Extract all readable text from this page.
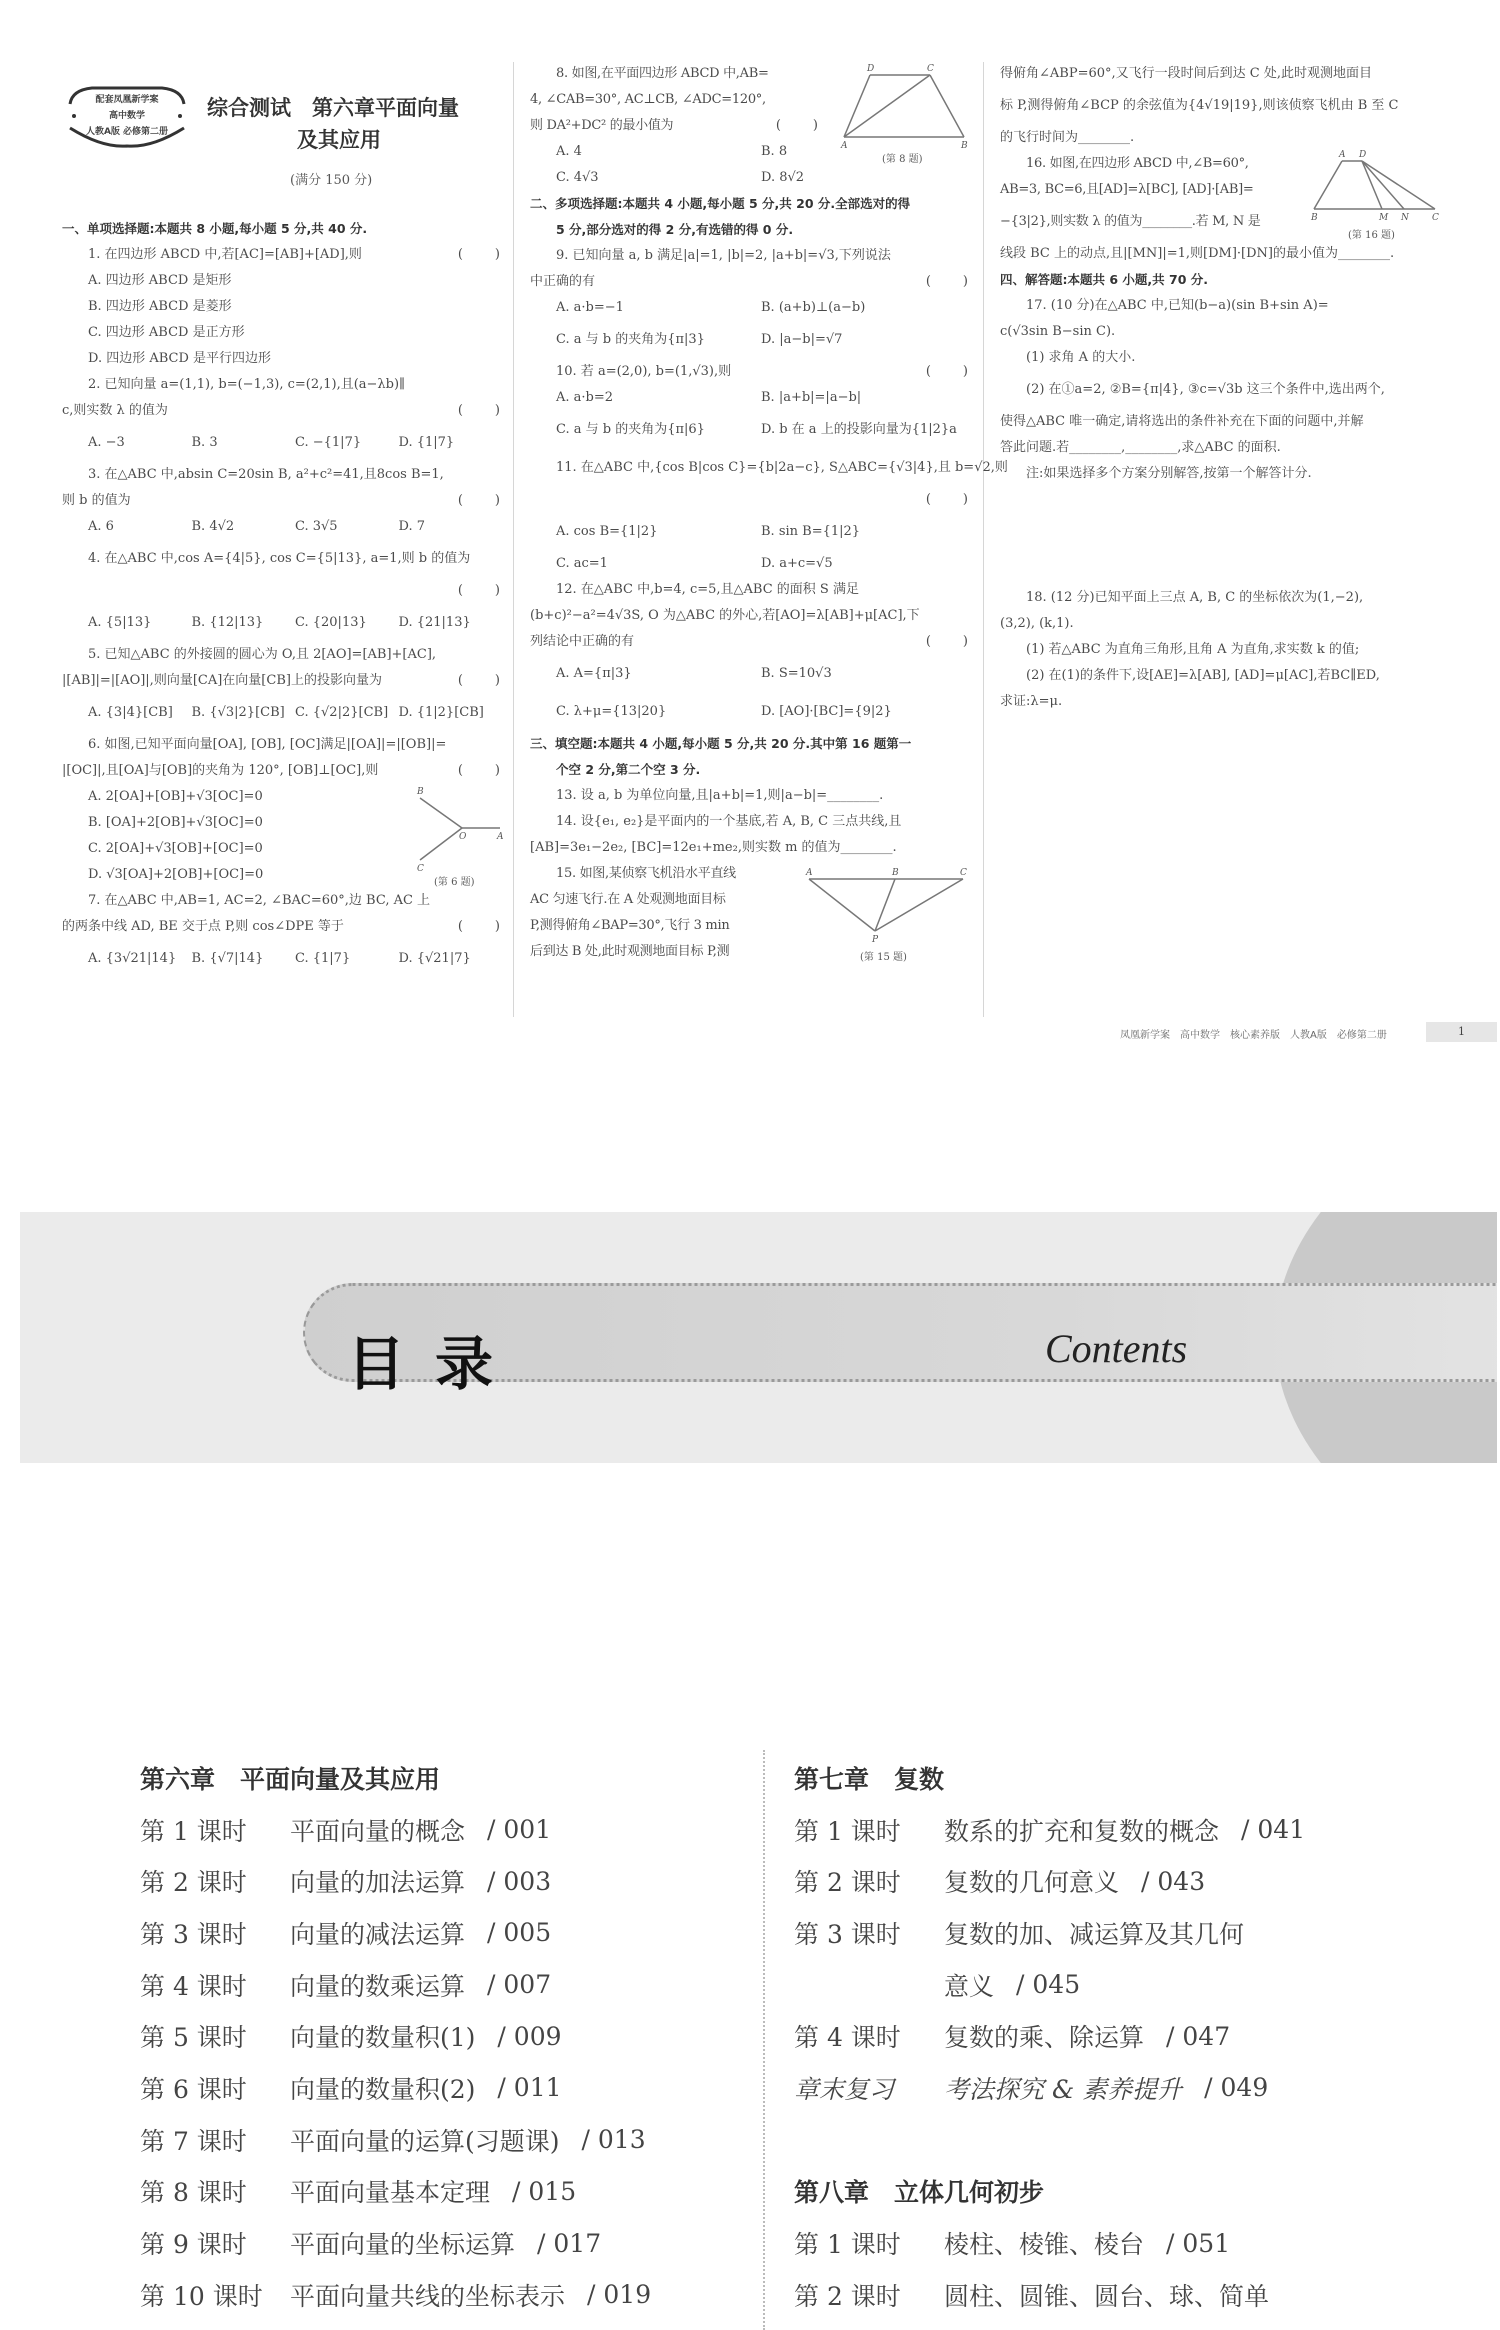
配套凤凰新学案
高中数学
人教A版 必修第二册
综合测试　第六章平面向量
及其应用
(满分 150 分)
一、单项选择题:本题共 8 小题,每小题 5 分,共 40 分.
1. 在四边形 ABCD 中,若[AC]=[AB]+[AD],则	(　　)
A. 四边形 ABCD 是矩形
B. 四边形 ABCD 是菱形
C. 四边形 ABCD 是正方形
D. 四边形 ABCD 是平行四边形
2. 已知向量 a=(1,1), b=(−1,3), c=(2,1),且(a−λb)∥
c,则实数 λ 的值为	(　　)
A. −3	B. 3	C. −{1|7}	D. {1|7}
3. 在△ABC 中,absin C=20sin B, a²+c²=41,且8cos B=1,
则 b 的值为	(　　)
A. 6	B. 4√2	C. 3√5	D. 7
4. 在△ABC 中,cos A={4|5}, cos C={5|13}, a=1,则 b 的值为
(　　)
A. {5|13}	B. {12|13}	C. {20|13}	D. {21|13}
5. 已知△ABC 的外接圆的圆心为 O,且 2[AO]=[AB]+[AC],
|[AB]|=|[AO]|,则向量[CA]在向量[CB]上的投影向量为	(　　)
A. {3|4}[CB]	B. {√3|2}[CB] C. {√2|2}[CB] D. {1|2}[CB]
6. 如图,已知平面向量[OA], [OB], [OC]满足|[OA]|=|[OB]|=
|[OC]|,且[OA]与[OB]的夹角为 120°, [OB]⊥[OC],则	(　　)
A. 2[OA]+[OB]+√3[OC]=0
B. [OA]+2[OB]+√3[OC]=0
C. 2[OA]+√3[OB]+[OC]=0
D. √3[OA]+2[OB]+[OC]=0
7. 在△ABC 中,AB=1, AC=2, ∠BAC=60°,边 BC, AC 上
的两条中线 AD, BE 交于点 P,则 cos∠DPE 等于	(　　)
A. {3√21|14}	B. {√7|14}	C. {1|7}	D. {√21|7}
B
O	A
C
(第 6 题)
8. 如图,在平面四边形 ABCD 中,AB=
4, ∠CAB=30°, AC⊥CB, ∠ADC=120°,
则 DA²+DC² 的最小值为	(　　)
D	C
A	B
(第 8 题)
A. 4	B. 8
C. 4√3	D. 8√2
二、多项选择题:本题共 4 小题,每小题 5 分,共 20 分.全部选对的得
5 分,部分选对的得 2 分,有选错的得 0 分.
9. 已知向量 a, b 满足|a|=1, |b|=2, |a+b|=√3,下列说法
中正确的有	(　　)
A. a·b=−1	B. (a+b)⊥(a−b)
C. a 与 b 的夹角为{π|3}	D. |a−b|=√7
10. 若 a=(2,0), b=(1,√3),则	(　　)
A. a·b=2	B. |a+b|=|a−b|
C. a 与 b 的夹角为{π|6}	D. b 在 a 上的投影向量为{1|2}a
11. 在△ABC 中,{cos B|cos C}={b|2a−c}, S△ABC={√3|4},且 b=√2,则
(　　)
A. cos B={1|2}	B. sin B={1|2}
C. ac=1	D. a+c=√5
12. 在△ABC 中,b=4, c=5,且△ABC 的面积 S 满足
(b+c)²−a²=4√3S, O 为△ABC 的外心,若[AO]=λ[AB]+μ[AC],下
列结论中正确的有	(　　)
A. A={π|3}	B. S=10√3
C. λ+μ={13|20}	D. [AO]·[BC]={9|2}
三、填空题:本题共 4 小题,每小题 5 分,共 20 分.其中第 16 题第一
个空 2 分,第二个空 3 分.
13. 设 a, b 为单位向量,且|a+b|=1,则|a−b|=________.
14. 设{e₁, e₂}是平面内的一个基底,若 A, B, C 三点共线,且
[AB]=3e₁−2e₂, [BC]=12e₁+me₂,则实数 m 的值为________.
15. 如图,某侦察飞机沿水平直线
AC 匀速飞行.在 A 处观测地面目标
P,测得俯角∠BAP=30°,飞行 3 min
后到达 B 处,此时观测地面目标 P,测
A	B	C
P
(第 15 题)
得俯角∠ABP=60°,又飞行一段时间后到达 C 处,此时观测地面目
标 P,测得俯角∠BCP 的余弦值为{4√19|19},则该侦察飞机由 B 至 C
的飞行时间为________.
16. 如图,在四边形 ABCD 中,∠B=60°,
AB=3, BC=6,且[AD]=λ[BC], [AD]·[AB]=
−{3|2},则实数 λ 的值为________.若 M, N 是
A D
B	M N	C
(第 16 题)
线段 BC 上的动点,且|[MN]|=1,则[DM]·[DN]的最小值为________.
四、解答题:本题共 6 小题,共 70 分.
17. (10 分)在△ABC 中,已知(b−a)(sin B+sin A)=
c(√3sin B−sin C).
(1) 求角 A 的大小.
(2) 在①a=2, ②B={π|4}, ③c=√3b 这三个条件中,选出两个,
使得△ABC 唯一确定,请将选出的条件补充在下面的问题中,并解
答此问题.若________,________,求△ABC 的面积.
注:如果选择多个方案分别解答,按第一个解答计分.
18. (12 分)已知平面上三点 A, B, C 的坐标依次为(1,−2),
(3,2), (k,1).
(1) 若△ABC 为直角三角形,且角 A 为直角,求实数 k 的值;
(2) 在(1)的条件下,设[AE]=λ[AB], [AD]=μ[AC],若BC∥ED,
求证:λ=μ.
凤凰新学案　高中数学　核心素养版　人教A版　必修第二册	1
目录	Contents
第六章　平面向量及其应用
第 1 课时	平面向量的概念 / 001
第 2 课时	向量的加法运算 / 003
第 3 课时	向量的减法运算 / 005
第 4 课时	向量的数乘运算 / 007
第 5 课时	向量的数量积(1) / 009
第 6 课时	向量的数量积(2) / 011
第 7 课时	平面向量的运算(习题课) / 013
第 8 课时	平面向量基本定理 / 015
第 9 课时	平面向量的坐标运算 / 017
第 10 课时	平面向量共线的坐标表示 / 019
第七章　复数
第 1 课时	数系的扩充和复数的概念 / 041
第 2 课时	复数的几何意义 / 043
第 3 课时	复数的加、减运算及其几何
意义 / 045
第 4 课时	复数的乘、除运算 / 047
章末复习	考法探究 & 素养提升 / 049
第八章　立体几何初步
第 1 课时	棱柱、棱锥、棱台 / 051
第 2 课时	圆柱、圆锥、圆台、球、简单
